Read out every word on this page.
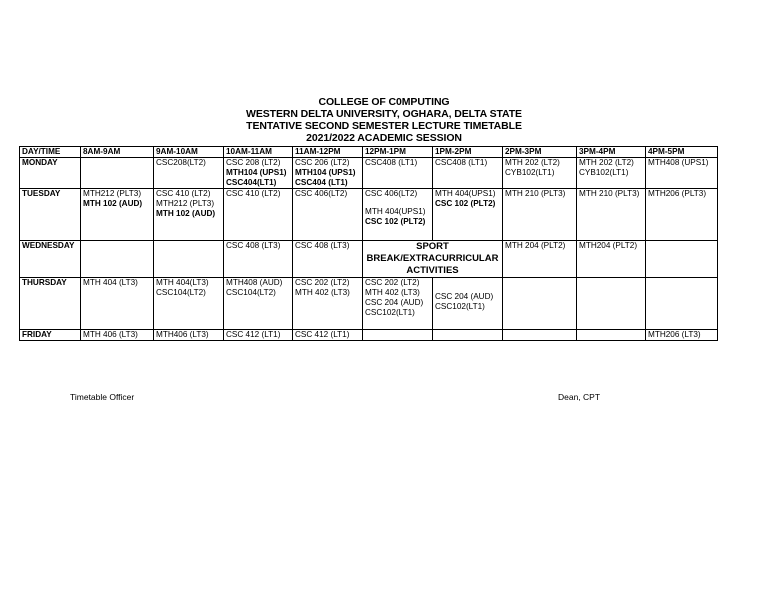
COLLEGE OF C0MPUTING
WESTERN DELTA UNIVERSITY, OGHARA, DELTA STATE
TENTATIVE SECOND SEMESTER LECTURE TIMETABLE
2021/2022 ACADEMIC SESSION
DAY/TIME	8AM-9AM	9AM-10AM	10AM-11AM	11AM-12PM	12PM-1PM	1PM-2PM	2PM-3PM	3PM-4PM	4PM-5PM
MONDAY		CSC208(LT2)	CSC 208 (LT2)
MTH104 (UPS1)
CSC404(LT1)	CSC 206 (LT2)
MTH104 (UPS1)
CSC404 (LT1)	CSC408 (LT1)	CSC408 (LT1)	MTH 202 (LT2)
CYB102(LT1)	MTH 202 (LT2)
CYB102(LT1)	MTH408 (UPS1)

TUESDAY	MTH212 (PLT3)
MTH 102 (AUD)	CSC 410 (LT2)
MTH212 (PLT3)
MTH 102 (AUD)	CSC 410 (LT2)	CSC 406(LT2)	CSC 406(LT2)
MTH 404(UPS1)
CSC 102 (PLT2)	MTH 404(UPS1)
CSC 102 (PLT2)	MTH 210 (PLT3)	MTH 210 (PLT3)	MTH206 (PLT3)

WEDNESDAY			CSC 408 (LT3)	CSC 408 (LT3)	SPORT BREAK/EXTRACURRICULAR ACTIVITIES		MTH 204 (PLT2)	MTH204 (PLT2)	

THURSDAY	MTH 404 (LT3)	MTH 404(LT3)
CSC104(LT2)	MTH408 (AUD)
CSC104(LT2)	CSC 202 (LT2)
MTH 402 (LT3)	CSC 202 (LT2)
MTH 402 (LT3)
CSC 204 (AUD)
CSC102(LT1)	CSC 204 (AUD)
CSC102(LT1)			

FRIDAY	MTH 406 (LT3)	MTH406 (LT3)	CSC 412 (LT1)	CSC 412 (LT1)					MTH206 (LT3)
Timetable Officer	Dean, CPT
